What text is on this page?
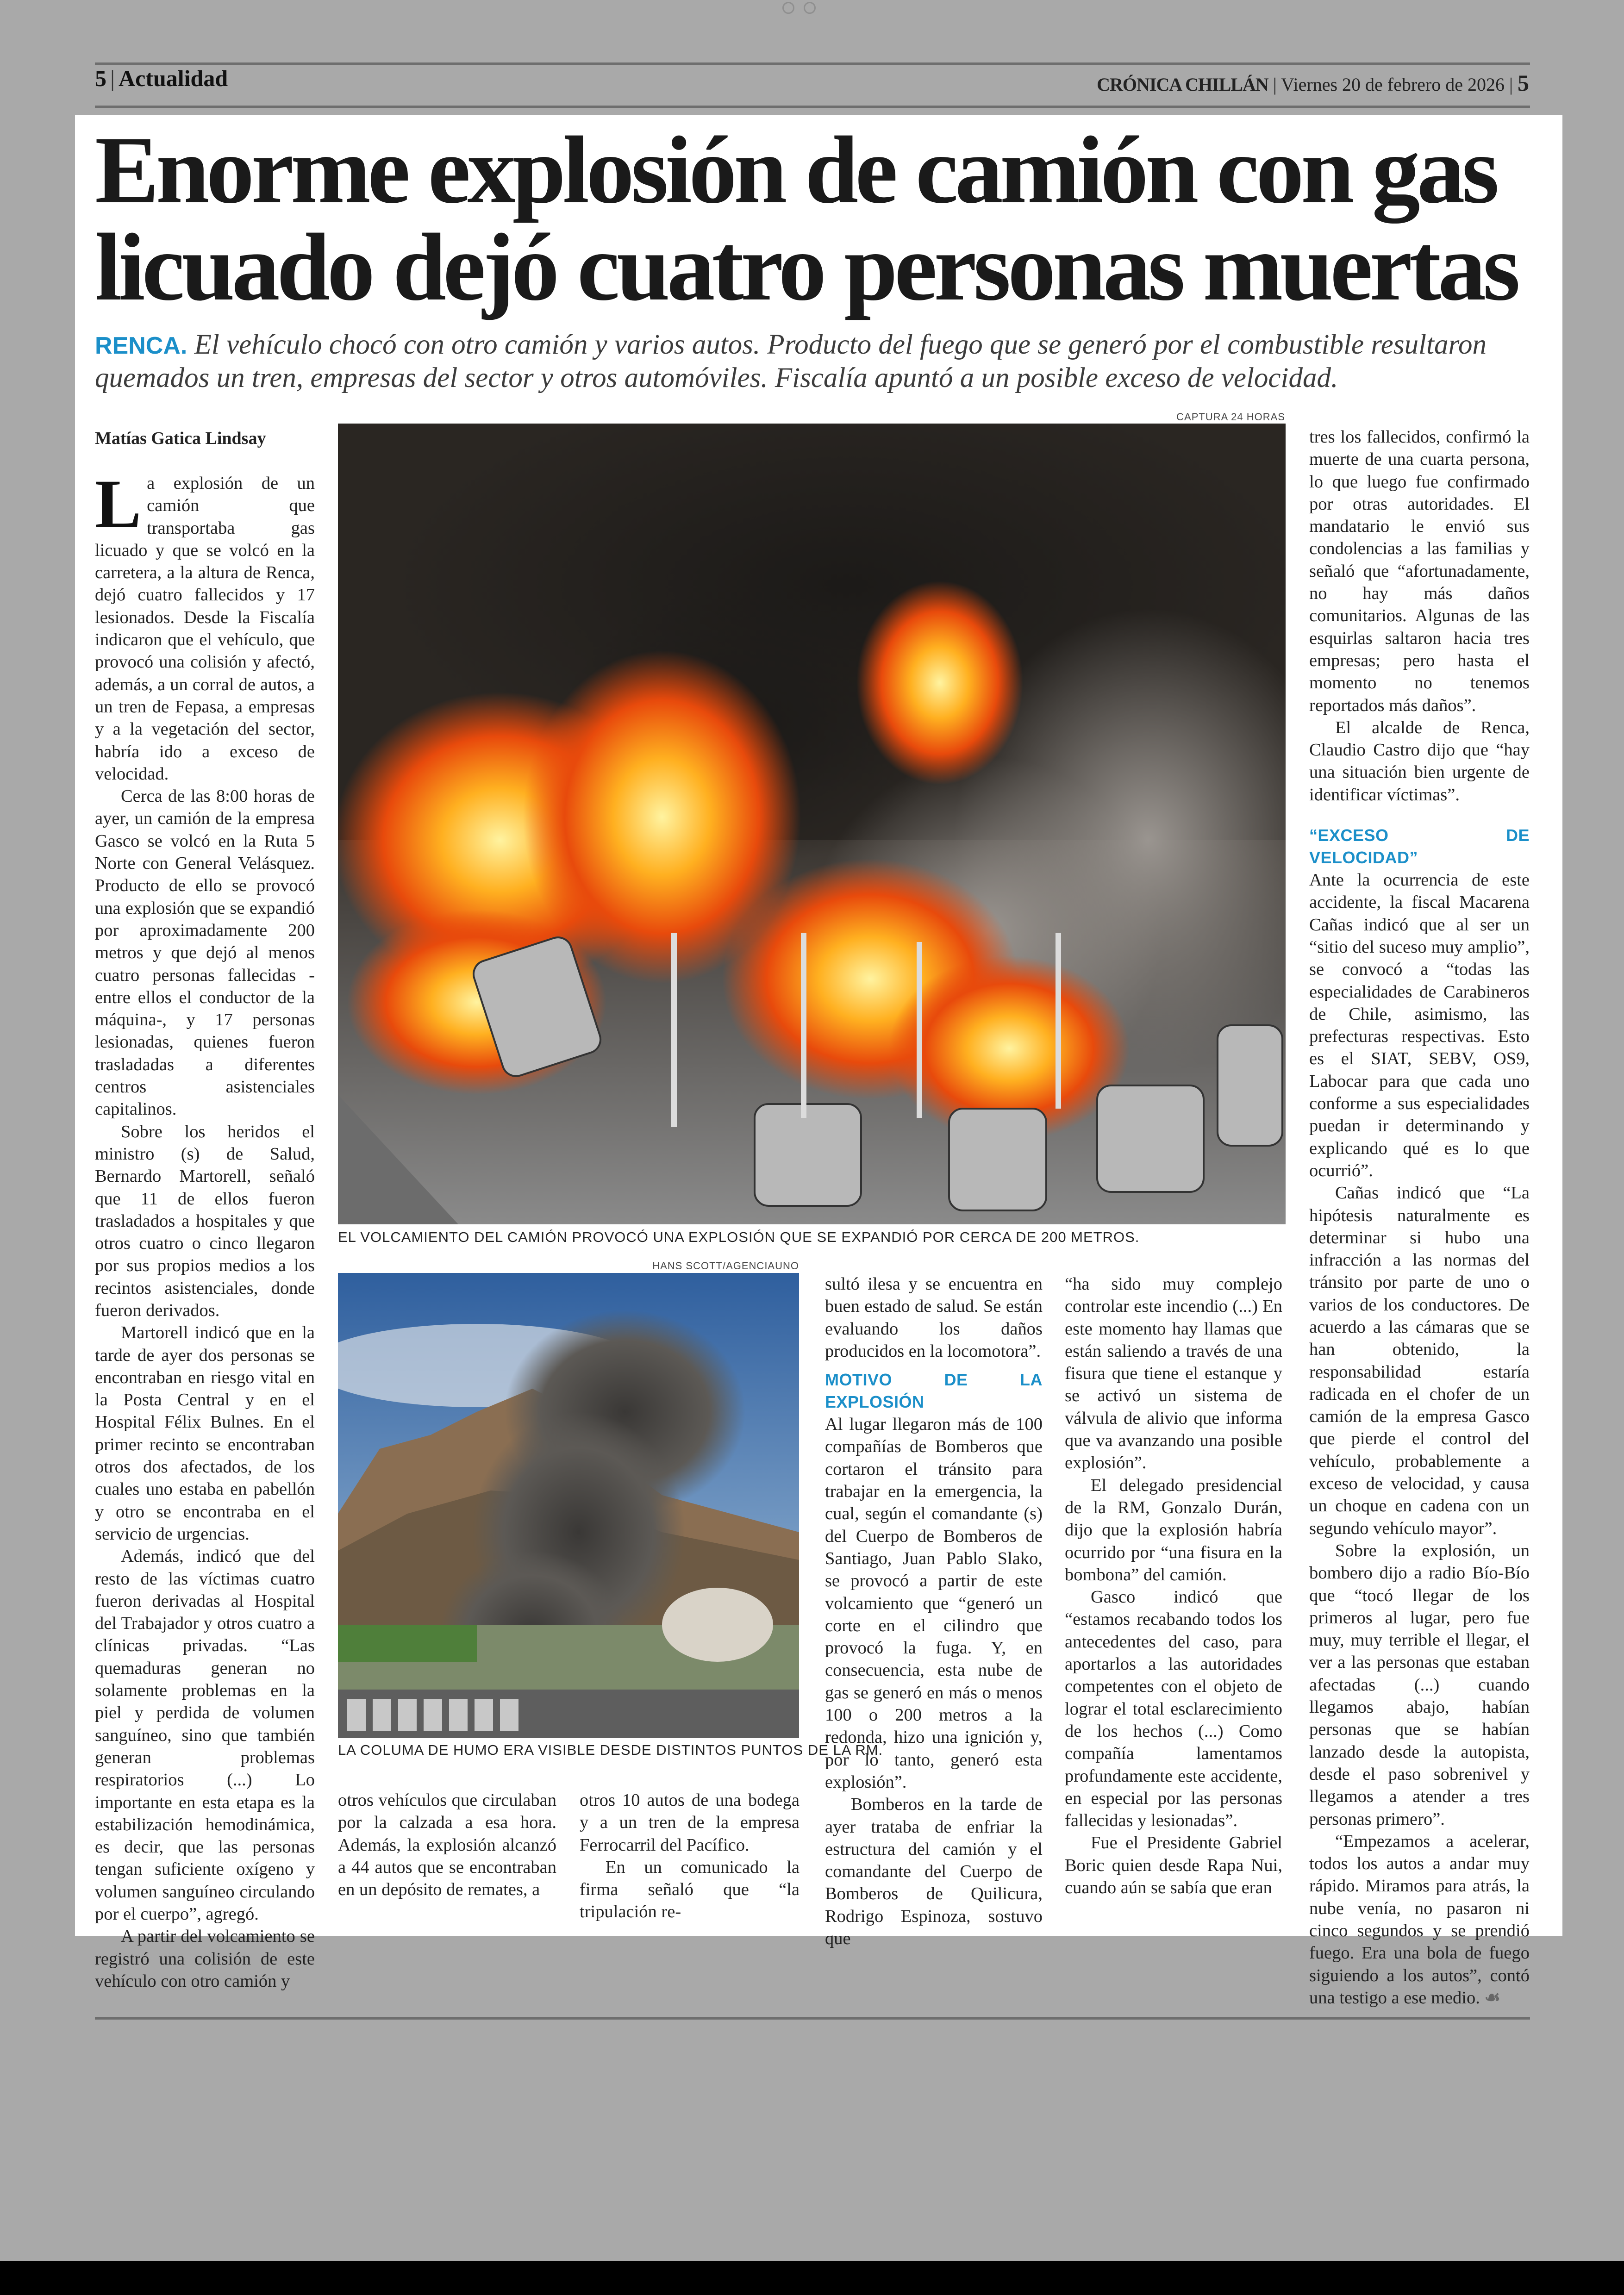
5 | Actualidad	CRÓNICA CHILLÁN | Viernes 20 de febrero de 2026 | 5
Enorme explosión de camión con gas licuado dejó cuatro personas muertas

RENCA. El vehículo chocó con otro camión y varios autos. Producto del fuego que se generó por el combustible resultaron quemados un tren, empresas del sector y otros automóviles. Fiscalía apuntó a un posible exceso de velocidad.

Matías Gatica Lindsay

La explosión de un camión que transportaba gas licuado y que se volcó en la carretera, a la altura de Renca, dejó cuatro fallecidos y 17 lesionados. Desde la Fiscalía indicaron que el vehículo, que provocó una colisión y afectó, además, a un corral de autos, a un tren de Fepasa, a empresas y a la vegetación del sector, habría ido a exceso de velocidad.

Cerca de las 8:00 horas de ayer, un camión de la empresa Gasco se volcó en la Ruta 5 Norte con General Velásquez. Producto de ello se provocó una explosión que se expandió por aproximadamente 200 metros y que dejó al menos cuatro personas fallecidas -entre ellos el conductor de la máquina-, y 17 personas lesionadas, quienes fueron trasladadas a diferentes centros asistenciales capitalinos.

Sobre los heridos el ministro (s) de Salud, Bernardo Martorell, señaló que 11 de ellos fueron trasladados a hospitales y que otros cuatro o cinco llegaron por sus propios medios a los recintos asistenciales, donde fueron derivados.

Martorell indicó que en la tarde de ayer dos personas se encontraban en riesgo vital en la Posta Central y en el Hospital Félix Bulnes. En el primer recinto se encontraban otros dos afectados, de los cuales uno estaba en pabellón y otro se encontraba en el servicio de urgencias.

Además, indicó que del resto de las víctimas cuatro fueron derivadas al Hospital del Trabajador y otros cuatro a clínicas privadas. “Las quemaduras generan no solamente problemas en la piel y perdida de volumen sanguíneo, sino que también generan problemas respiratorios (...) Lo importante en esta etapa es la estabilización hemodinámica, es decir, que las personas tengan suficiente oxígeno y volumen sanguíneo circulando por el cuerpo”, agregó.

A partir del volcamiento se registró una colisión de este vehículo con otro camión y

CAPTURA 24 HORAS
EL VOLCAMIENTO DEL CAMIÓN PROVOCÓ UNA EXPLOSIÓN QUE SE EXPANDIÓ POR CERCA DE 200 METROS.
HANS SCOTT/AGENCIAUNO
LA COLUMA DE HUMO ERA VISIBLE DESDE DISTINTOS PUNTOS DE LA RM.

otros vehículos que circulaban por la calzada a esa hora. Además, la explosión alcanzó a 44 autos que se encontraban en un depósito de remates, a

otros 10 autos de una bodega y a un tren de la empresa Ferrocarril del Pacífico.

En un comunicado la firma señaló que “la tripulación re-

sultó ilesa y se encuentra en buen estado de salud. Se están evaluando los daños producidos en la locomotora”.

MOTIVO DE LA EXPLOSIÓN

Al lugar llegaron más de 100 compañías de Bomberos que cortaron el tránsito para trabajar en la emergencia, la cual, según el comandante (s) del Cuerpo de Bomberos de Santiago, Juan Pablo Slako, se provocó a partir de este volcamiento que “generó un corte en el cilindro que provocó la fuga. Y, en consecuencia, esta nube de gas se generó en más o menos 100 o 200 metros a la redonda, hizo una ignición y, por lo tanto, generó esta explosión”.

Bomberos en la tarde de ayer trataba de enfriar la estructura del camión y el comandante del Cuerpo de Bomberos de Quilicura, Rodrigo Espinoza, sostuvo que

“ha sido muy complejo controlar este incendio (...) En este momento hay llamas que están saliendo a través de una fisura que tiene el estanque y se activó un sistema de válvula de alivio que informa que va avanzando una posible explosión”.

El delegado presidencial de la RM, Gonzalo Durán, dijo que la explosión habría ocurrido por “una fisura en la bombona” del camión.

Gasco indicó que “estamos recabando todos los antecedentes del caso, para aportarlos a las autoridades competentes con el objeto de lograr el total esclarecimiento de los hechos (...) Como compañía lamentamos profundamente este accidente, en especial por las personas fallecidas y lesionadas”.

Fue el Presidente Gabriel Boric quien desde Rapa Nui, cuando aún se sabía que eran

tres los fallecidos, confirmó la muerte de una cuarta persona, lo que luego fue confirmado por otras autoridades. El mandatario le envió sus condolencias a las familias y señaló que “afortunadamente, no hay más daños comunitarios. Algunas de las esquirlas saltaron hacia tres empresas; pero hasta el momento no tenemos reportados más daños”.

El alcalde de Renca, Claudio Castro dijo que “hay una situación bien urgente de identificar víctimas”.

“EXCESO DE VELOCIDAD”

Ante la ocurrencia de este accidente, la fiscal Macarena Cañas indicó que al ser un “sitio del suceso muy amplio”, se convocó a “todas las especialidades de Carabineros de Chile, asimismo, las prefecturas respectivas. Esto es el SIAT, SEBV, OS9, Labocar para que cada uno conforme a sus especialidades puedan ir determinando y explicando qué es lo que ocurrió”.

Cañas indicó que “La hipótesis naturalmente es determinar si hubo una infracción a las normas del tránsito por parte de uno o varios de los conductores. De acuerdo a las cámaras que se han obtenido, la responsabilidad estaría radicada en el chofer de un camión de la empresa Gasco que pierde el control del vehículo, probablemente a exceso de velocidad, y causa un choque en cadena con un segundo vehículo mayor”.

Sobre la explosión, un bombero dijo a radio Bío-Bío que “tocó llegar de los primeros al lugar, pero fue muy, muy terrible el llegar, el ver a las personas que estaban afectadas (...) cuando llegamos abajo, habían personas que se habían lanzado desde la autopista, desde el paso sobrenivel y llegamos a atender a tres personas primero”.

“Empezamos a acelerar, todos los autos a andar muy rápido. Miramos para atrás, la nube venía, no pasaron ni cinco segundos y se prendió fuego. Era una bola de fuego siguiendo a los autos”, contó una testigo a ese medio. ☙
